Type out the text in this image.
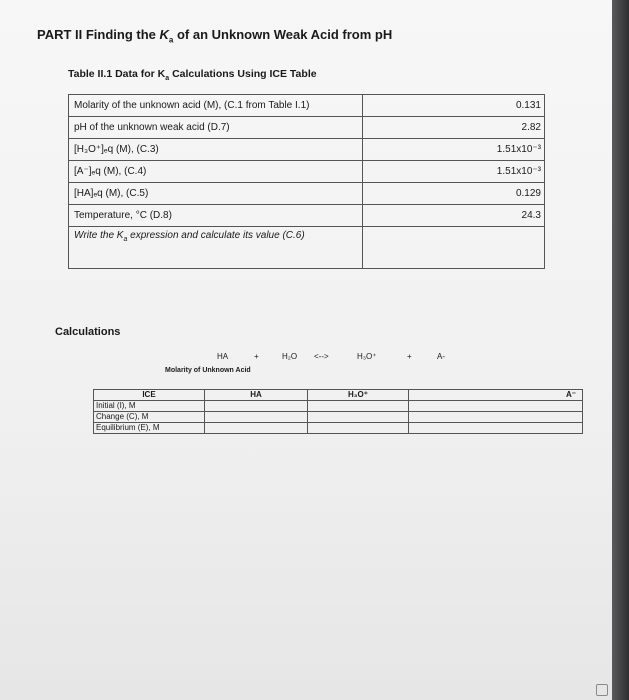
PART II Finding the $K_a$ of an Unknown Weak Acid from pH
Table II.1 Data for $K_a$ Calculations Using ICE Table
Molarity of the unknown acid (M), (C.1 from Table I.1)	0.131
pH of the unknown weak acid (D.7)	2.82
[H₃O⁺]ₑq (M), (C.3)	1.51x10⁻³
[A⁻]ₑq (M), (C.4)	1.51x10⁻³
[HA]ₑq (M), (C.5)	0.129
Temperature, °C (D.8)	24.3
Write the $K_a$ expression and calculate its value (C.6)	
Calculations
HA	+	H₂O <-->	H₃O⁺	+	A-
Molarity of Unknown Acid
ICE	HA	H₃O⁺	A⁻
Initial (I), M			
Change (C), M			
Equilibrium (E), M			
